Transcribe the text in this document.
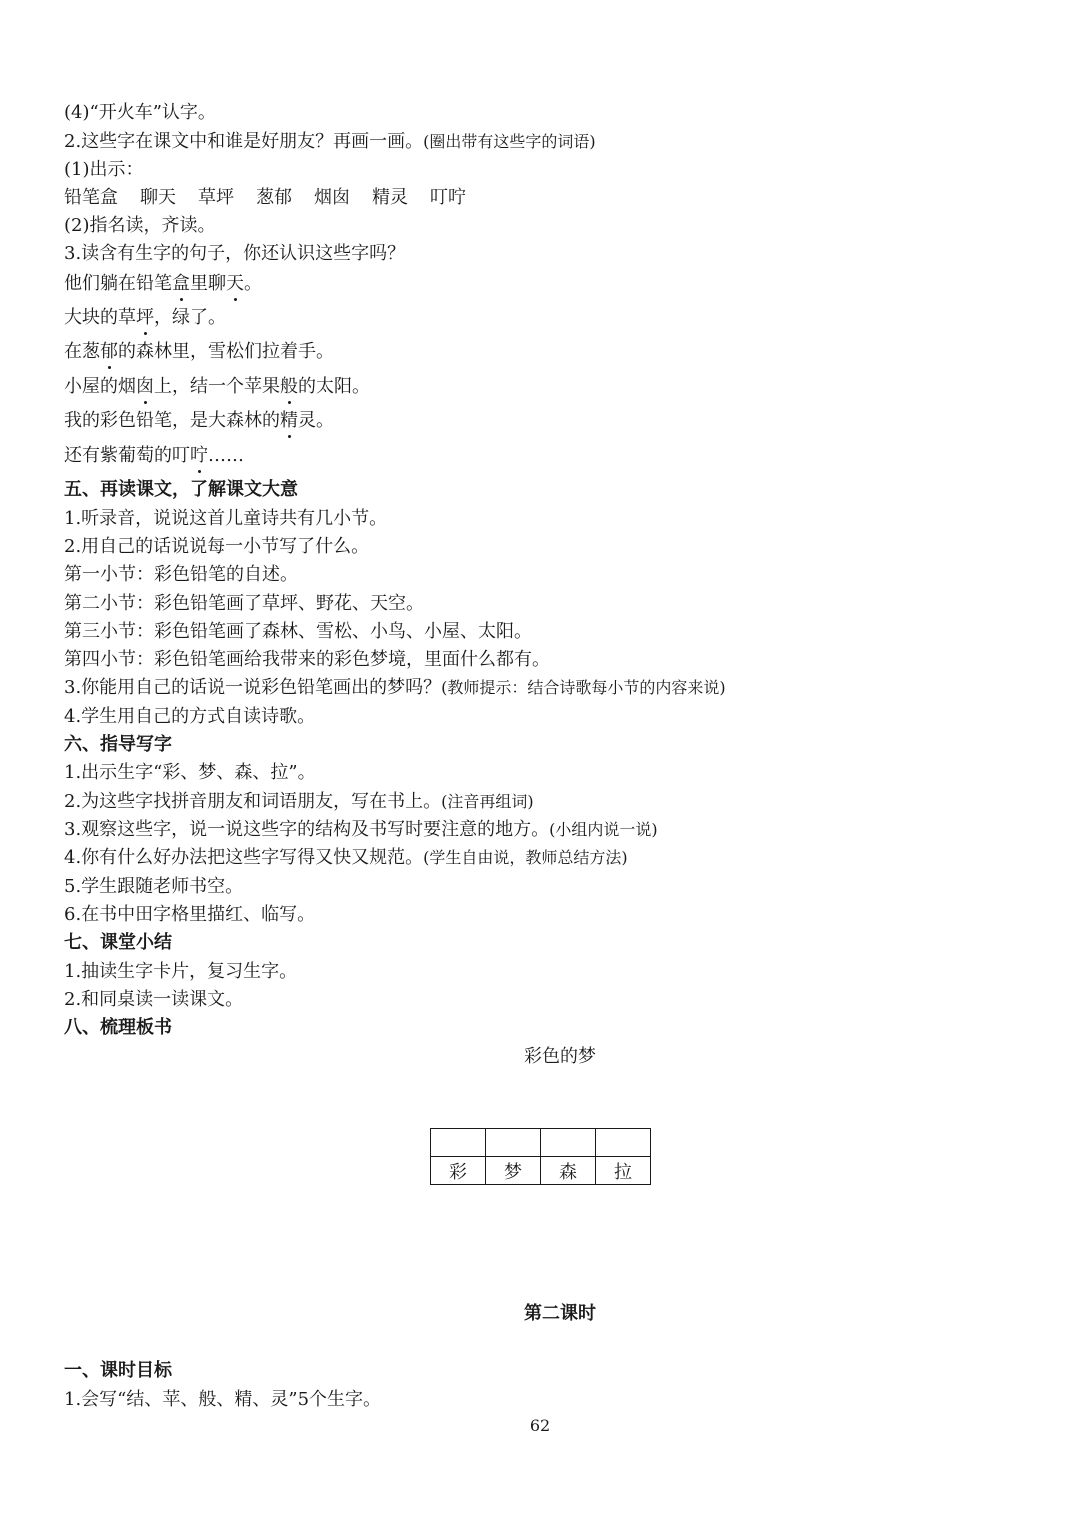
(4)“开火车”认字。
2.这些字在课文中和谁是好朋友？再画一画。(圈出带有这些字的词语)
(1)出示：
铅笔盒 聊天 草坪 葱郁 烟囱 精灵 叮咛
(2)指名读，齐读。
3.读含有生字的句子，你还认识这些字吗？
他们躺在铅笔盒里聊天。
大块的草坪，绿了。
在葱郁的森林里，雪松们拉着手。
小屋的烟囱上，结一个苹果般的太阳。
我的彩色铅笔，是大森林的精灵。
还有紫葡萄的叮咛……
五、再读课文，了解课文大意
1.听录音，说说这首儿童诗共有几小节。
2.用自己的话说说每一小节写了什么。
第一小节：彩色铅笔的自述。
第二小节：彩色铅笔画了草坪、野花、天空。
第三小节：彩色铅笔画了森林、雪松、小鸟、小屋、太阳。
第四小节：彩色铅笔画给我带来的彩色梦境，里面什么都有。
3.你能用自己的话说一说彩色铅笔画出的梦吗？(教师提示：结合诗歌每小节的内容来说)
4.学生用自己的方式自读诗歌。
六、指导写字
1.出示生字“彩、梦、森、拉”。
2.为这些字找拼音朋友和词语朋友，写在书上。(注音再组词)
3.观察这些字，说一说这些字的结构及书写时要注意的地方。(小组内说一说)
4.你有什么好办法把这些字写得又快又规范。(学生自由说，教师总结方法)
5.学生跟随老师书空。
6.在书中田字格里描红、临写。
七、课堂小结
1.抽读生字卡片，复习生字。
2.和同桌读一读课文。
八、梳理板书
彩色的梦

彩	梦	森	拉
第二课时
一、课时目标
1.会写“结、苹、般、精、灵”5个生字。
62
